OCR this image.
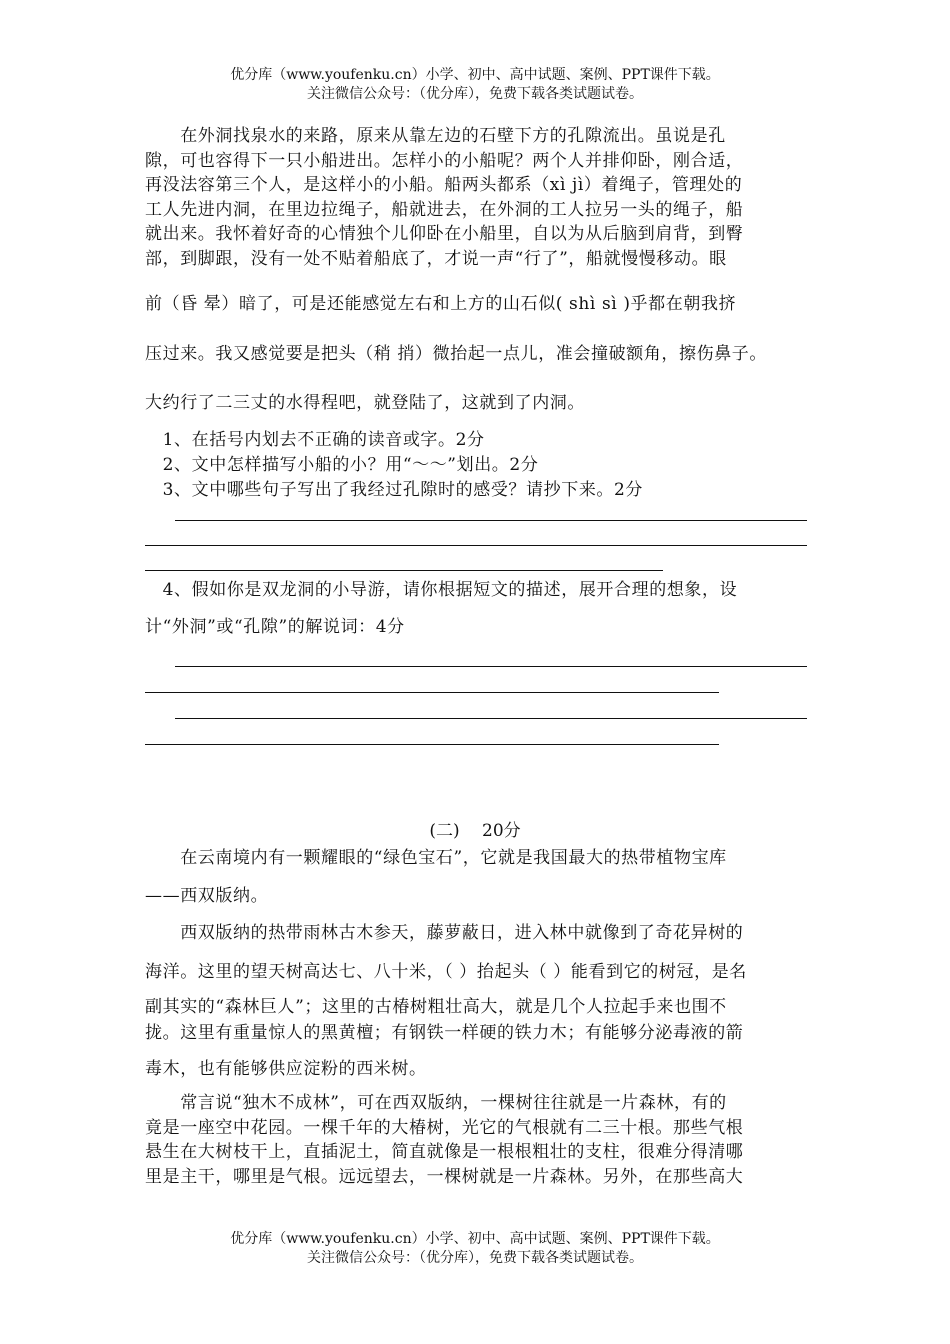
优分库（www.youfenku.cn）小学、初中、高中试题、案例、PPT课件下载。
关注微信公众号：（优分库），免费下载各类试题试卷。
　　在外洞找泉水的来路，原来从靠左边的石壁下方的孔隙流出。虽说是孔
隙，可也容得下一只小船进出。怎样小的小船呢？两个人并排仰卧，刚合适，
再没法容第三个人，是这样小的小船。船两头都系（xì jì）着绳子，管理处的
工人先进内洞，在里边拉绳子，船就进去，在外洞的工人拉另一头的绳子，船
就出来。我怀着好奇的心情独个儿仰卧在小船里，自以为从后脑到肩背，到臀
部，到脚跟，没有一处不贴着船底了，才说一声“行了”，船就慢慢移动。眼

前（昏 晕）暗了，可是还能感觉左右和上方的山石似( shì sì )乎都在朝我挤

压过来。我又感觉要是把头（稍 捎）微抬起一点儿，准会撞破额角，擦伤鼻子。

大约行了二三丈的水得程吧，就登陆了，这就到了内洞。

　1、在括号内划去不正确的读音或字。2分

　2、文中怎样描写小船的小？用“～～”划出。2分

　3、文中哪些句子写出了我经过孔隙时的感受？请抄下来。2分

　4、假如你是双龙洞的小导游，请你根据短文的描述，展开合理的想象，设

计“外洞”或“孔隙”的解说词：4分

　　在云南境内有一颗耀眼的“绿色宝石”，它就是我国最大的热带植物宝库

——西双版纳。

　　西双版纳的热带雨林古木参天，藤萝蔽日，进入林中就像到了奇花异树的

海洋。这里的望天树高达七、八十米，（ ）抬起头（ ）能看到它的树冠，是名

副其实的“森林巨人”；这里的古椿树粗壮高大，就是几个人拉起手来也围不

拢。这里有重量惊人的黑黄檀；有钢铁一样硬的铁力木；有能够分泌毒液的箭

毒木，也有能够供应淀粉的西米树。

　　常言说“独木不成林”，可在西双版纳，一棵树往往就是一片森林，有的
竟是一座空中花园。一棵千年的大椿树，光它的气根就有二三十根。那些气根
悬生在大树枝干上，直插泥土，简直就像是一根根粗壮的支柱，很难分得清哪
里是主干，哪里是气根。远远望去，一棵树就是一片森林。另外，在那些高大
(二)　 20分
优分库（www.youfenku.cn）小学、初中、高中试题、案例、PPT课件下载。
关注微信公众号：（优分库），免费下载各类试题试卷。
